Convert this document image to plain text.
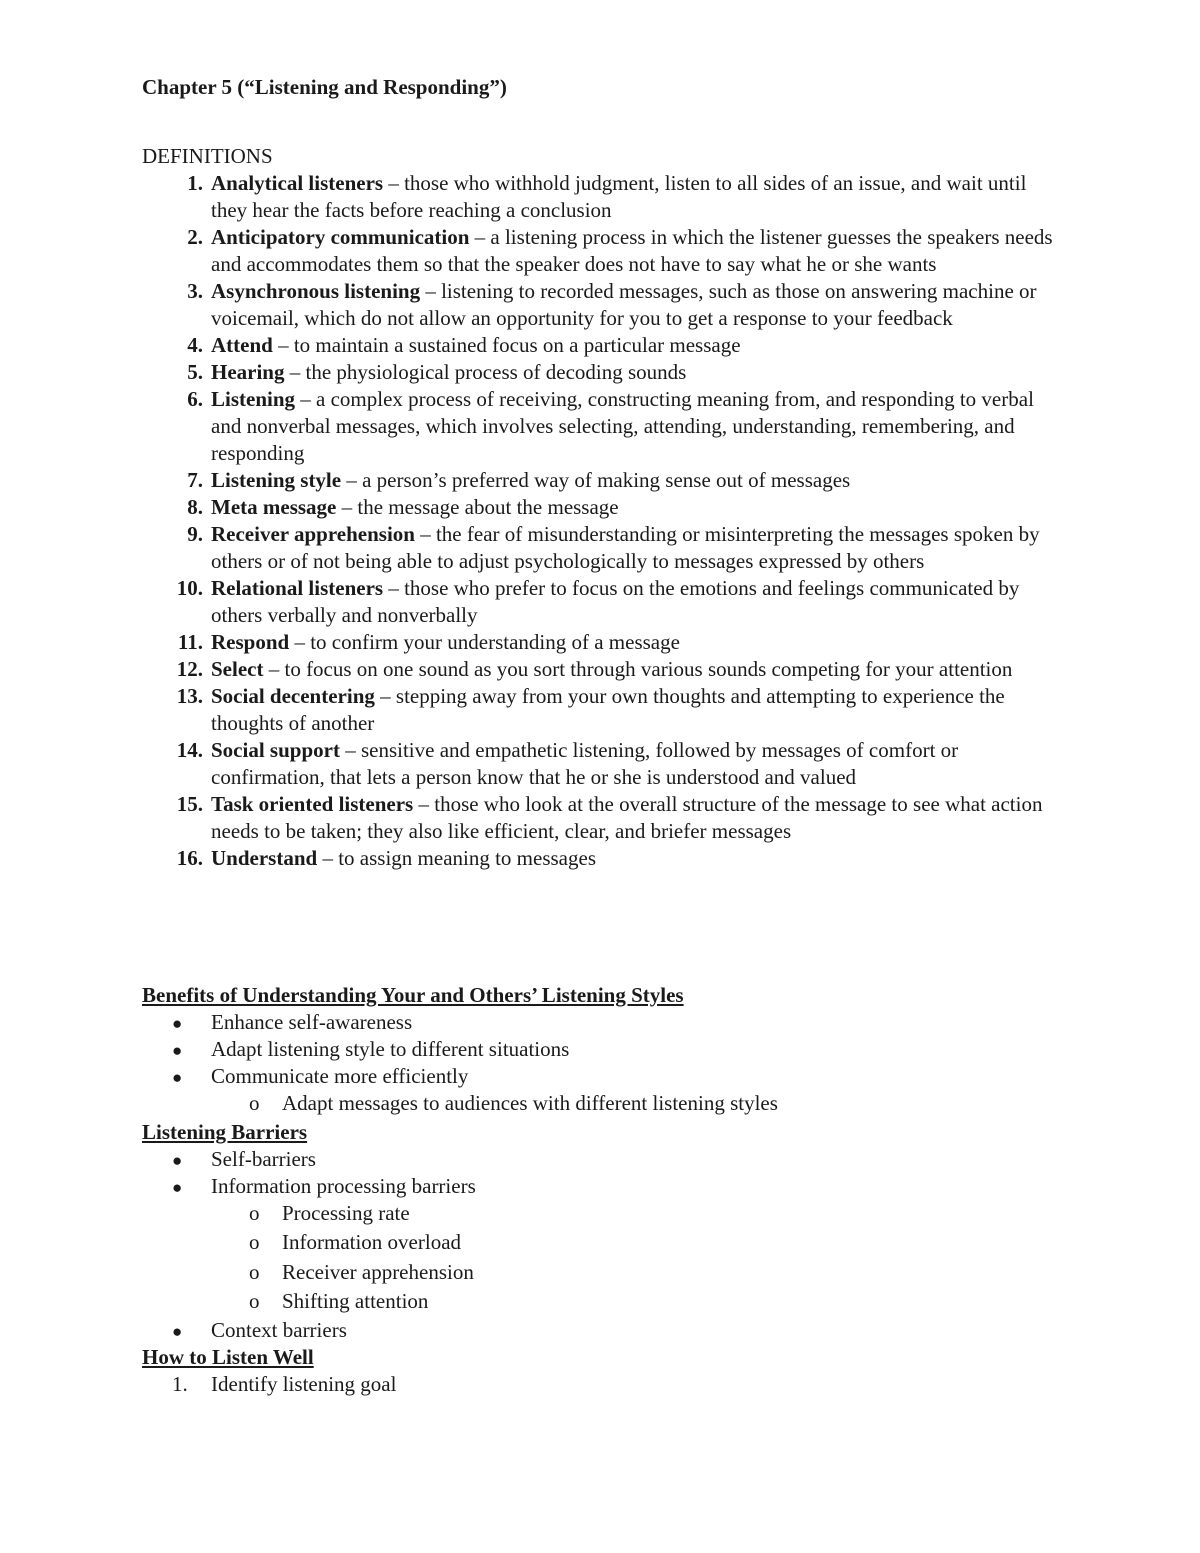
Chapter 5 (“Listening and Responding”)
DEFINITIONS
1. Analytical listeners – those who withhold judgment, listen to all sides of an issue, and wait until they hear the facts before reaching a conclusion
2. Anticipatory communication – a listening process in which the listener guesses the speakers needs and accommodates them so that the speaker does not have to say what he or she wants
3. Asynchronous listening – listening to recorded messages, such as those on answering machine or voicemail, which do not allow an opportunity for you to get a response to your feedback
4. Attend – to maintain a sustained focus on a particular message
5. Hearing – the physiological process of decoding sounds
6. Listening – a complex process of receiving, constructing meaning from, and responding to verbal and nonverbal messages, which involves selecting, attending, understanding, remembering, and responding
7. Listening style – a person’s preferred way of making sense out of messages
8. Meta message – the message about the message
9. Receiver apprehension – the fear of misunderstanding or misinterpreting the messages spoken by others or of not being able to adjust psychologically to messages expressed by others
10. Relational listeners – those who prefer to focus on the emotions and feelings communicated by others verbally and nonverbally
11. Respond – to confirm your understanding of a message
12. Select – to focus on one sound as you sort through various sounds competing for your attention
13. Social decentering – stepping away from your own thoughts and attempting to experience the thoughts of another
14. Social support – sensitive and empathetic listening, followed by messages of comfort or confirmation, that lets a person know that he or she is understood and valued
15. Task oriented listeners – those who look at the overall structure of the message to see what action needs to be taken; they also like efficient, clear, and briefer messages
16. Understand – to assign meaning to messages
Benefits of Understanding Your and Others’ Listening Styles
● Enhance self-awareness
● Adapt listening style to different situations
● Communicate more efficiently
o Adapt messages to audiences with different listening styles
Listening Barriers
● Self-barriers
● Information processing barriers
o Processing rate
o Information overload
o Receiver apprehension
o Shifting attention
● Context barriers
How to Listen Well
1. Identify listening goal
